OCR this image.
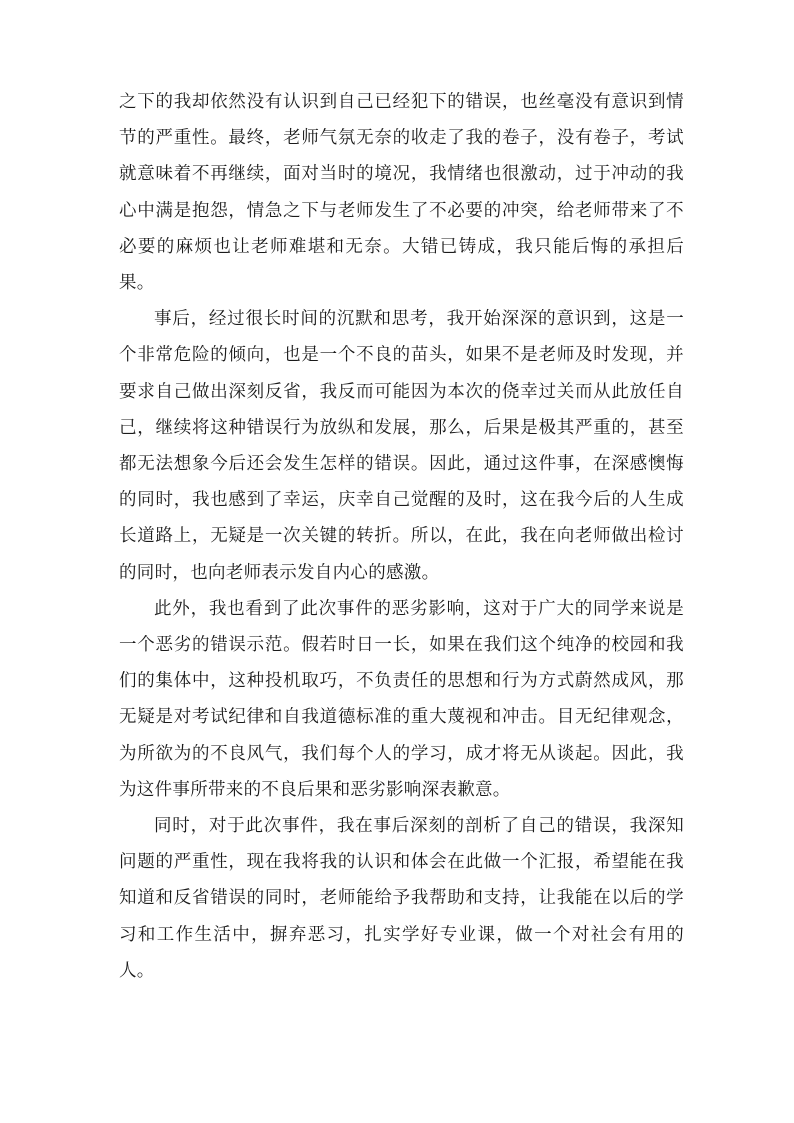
之下的我却依然没有认识到自己已经犯下的错误，也丝毫没有意识到情节的严重性。最终，老师气氛无奈的收走了我的卷子，没有卷子，考试就意味着不再继续，面对当时的境况，我情绪也很激动，过于冲动的我心中满是抱怨，情急之下与老师发生了不必要的冲突，给老师带来了不必要的麻烦也让老师难堪和无奈。大错已铸成，我只能后悔的承担后果。

事后，经过很长时间的沉默和思考，我开始深深的意识到，这是一个非常危险的倾向，也是一个不良的苗头，如果不是老师及时发现，并要求自己做出深刻反省，我反而可能因为本次的侥幸过关而从此放任自己，继续将这种错误行为放纵和发展，那么，后果是极其严重的，甚至都无法想象今后还会发生怎样的错误。因此，通过这件事，在深感懊悔的同时，我也感到了幸运，庆幸自己觉醒的及时，这在我今后的人生成长道路上，无疑是一次关键的转折。所以，在此，我在向老师做出检讨的同时，也向老师表示发自内心的感激。

此外，我也看到了此次事件的恶劣影响，这对于广大的同学来说是一个恶劣的错误示范。假若时日一长，如果在我们这个纯净的校园和我们的集体中，这种投机取巧，不负责任的思想和行为方式蔚然成风，那无疑是对考试纪律和自我道德标准的重大蔑视和冲击。目无纪律观念，为所欲为的不良风气，我们每个人的学习，成才将无从谈起。因此，我为这件事所带来的不良后果和恶劣影响深表歉意。

同时，对于此次事件，我在事后深刻的剖析了自己的错误，我深知问题的严重性，现在我将我的认识和体会在此做一个汇报，希望能在我知道和反省错误的同时，老师能给予我帮助和支持，让我能在以后的学习和工作生活中，摒弃恶习，扎实学好专业课，做一个对社会有用的人。
